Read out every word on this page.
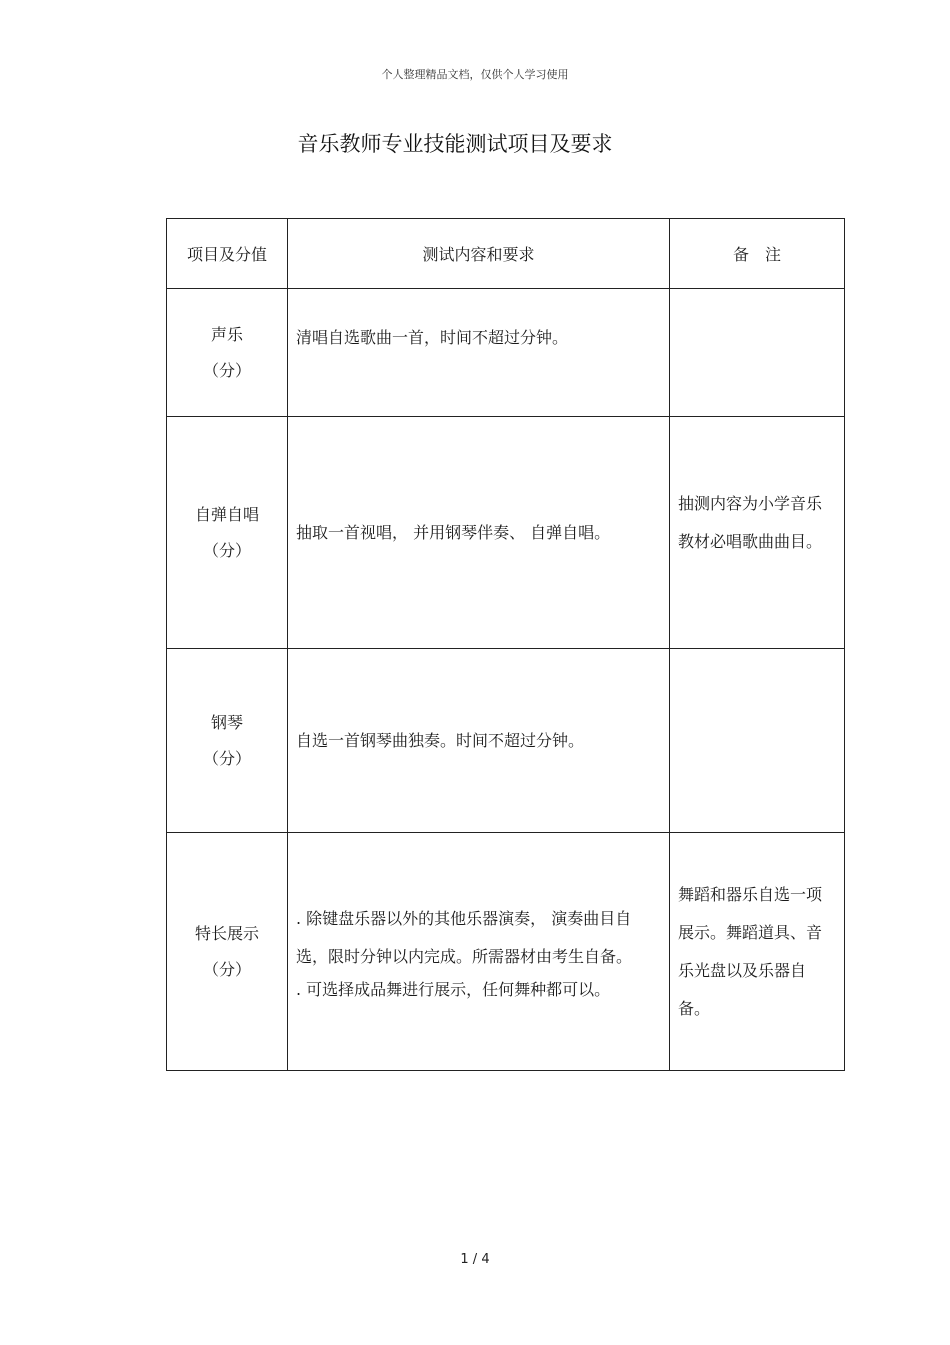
个人整理精品文档，仅供个人学习使用
音乐教师专业技能测试项目及要求
项目及分值	测试内容和要求	备　注

声乐
（分）	清唱自选歌曲一首，时间不超过分钟。	

自弹自唱
（分）	抽取一首视唱， 并用钢琴伴奏、 自弹自唱。	抽测内容为小学音乐教材必唱歌曲曲目。

钢琴
（分）	自选一首钢琴曲独奏。时间不超过分钟。	

特长展示
（分）	. 除键盘乐器以外的其他乐器演奏， 演奏曲目自选，限时分钟以内完成。所需器材由考生自备。
. 可选择成品舞进行展示，任何舞种都可以。	舞蹈和器乐自选一项展示。舞蹈道具、音乐光盘以及乐器自备。
1 / 4
